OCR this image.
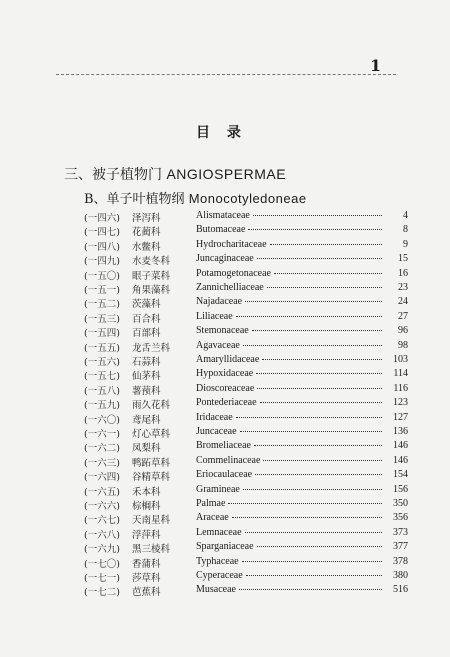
1
目 录
三、被子植物门 ANGIOSPERMAE
B、单子叶植物纲 Monocotyledoneae
(一四六) 泽泻科	Alismataceae	4
(一四七) 花蔺科	Butomaceae	8
(一四八) 水鳖科	Hydrocharitaceae	9
(一四九) 水麦冬科	Juncaginaceae	15
(一五〇) 眼子菜科	Potamogetonaceae	16
(一五一) 角果藻科	Zannichelliaceae	23
(一五二) 茨藻科	Najadaceae	24
(一五三) 百合科	Liliaceae	27
(一五四) 百部科	Stemonaceae	96
(一五五) 龙舌兰科	Agavaceae	98
(一五六) 石蒜科	Amaryllidaceae	103
(一五七) 仙茅科	Hypoxidaceae	114
(一五八) 薯蓣科	Dioscoreaceae	116
(一五九) 雨久花科	Pontederiaceae	123
(一六〇) 鸢尾科	Iridaceae	127
(一六一) 灯心草科	Juncaceae	136
(一六二) 凤梨科	Bromeliaceae	146
(一六三) 鸭跖草科	Commelinaceae	146
(一六四) 谷精草科	Eriocaulaceae	154
(一六五) 禾本科	Gramineae	156
(一六六) 棕榈科	Palmae	350
(一六七) 天南星科	Araceae	356
(一六八) 浮萍科	Lemnaceae	373
(一六九) 黑三棱科	Sparganiaceae	377
(一七〇) 香蒲科	Typhaceae	378
(一七一) 莎草科	Cyperaceae	380
(一七二) 芭蕉科	Musaceae	516
